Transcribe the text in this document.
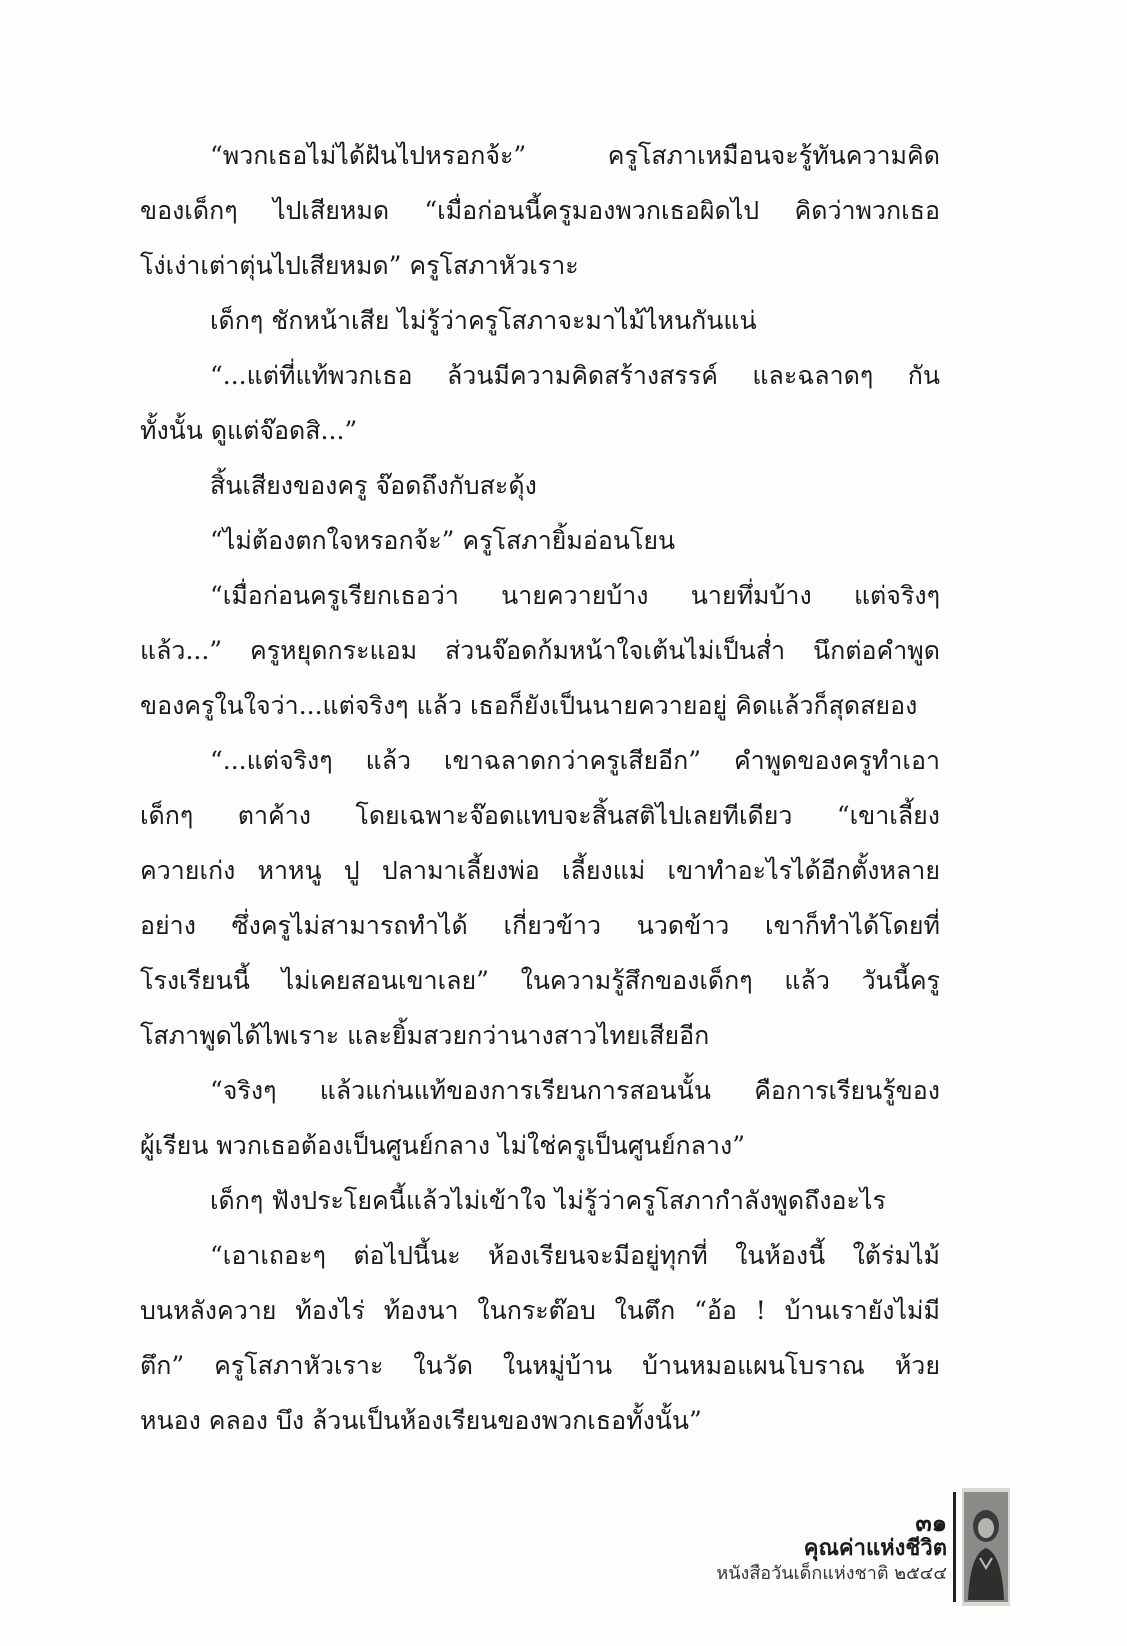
“พวกเธอไม่ได้ฝันไปหรอกจ้ะ” ครูโสภาเหมือนจะรู้ทันความคิด
ของเด็กๆ ไปเสียหมด “เมื่อก่อนนี้ครูมองพวกเธอผิดไป คิดว่าพวกเธอ
โง่เง่าเต่าตุ่นไปเสียหมด” ครูโสภาหัวเราะ
เด็กๆ ชักหน้าเสีย ไม่รู้ว่าครูโสภาจะมาไม้ไหนกันแน่
“...แต่ที่แท้พวกเธอ ล้วนมีความคิดสร้างสรรค์ และฉลาดๆ กัน
ทั้งนั้น ดูแต่จ๊อดสิ...”
สิ้นเสียงของครู จ๊อดถึงกับสะดุ้ง
“ไม่ต้องตกใจหรอกจ้ะ” ครูโสภายิ้มอ่อนโยน
“เมื่อก่อนครูเรียกเธอว่า นายควายบ้าง นายทึ่มบ้าง แต่จริงๆ
แล้ว...” ครูหยุดกระแอม ส่วนจ๊อดก้มหน้าใจเต้นไม่เป็นส่ำ นึกต่อคำพูด
ของครูในใจว่า...แต่จริงๆ แล้ว เธอก็ยังเป็นนายควายอยู่ คิดแล้วก็สุดสยอง
“...แต่จริงๆ แล้ว เขาฉลาดกว่าครูเสียอีก” คำพูดของครูทำเอา
เด็กๆ ตาค้าง โดยเฉพาะจ๊อดแทบจะสิ้นสติไปเลยทีเดียว “เขาเลี้ยง
ควายเก่ง หาหนู ปู ปลามาเลี้ยงพ่อ เลี้ยงแม่ เขาทำอะไรได้อีกตั้งหลาย
อย่าง ซึ่งครูไม่สามารถทำได้ เกี่ยวข้าว นวดข้าว เขาก็ทำได้โดยที่
โรงเรียนนี้ ไม่เคยสอนเขาเลย” ในความรู้สึกของเด็กๆ แล้ว วันนี้ครู
โสภาพูดได้ไพเราะ และยิ้มสวยกว่านางสาวไทยเสียอีก
“จริงๆ แล้วแก่นแท้ของการเรียนการสอนนั้น คือการเรียนรู้ของ
ผู้เรียน พวกเธอต้องเป็นศูนย์กลาง ไม่ใช่ครูเป็นศูนย์กลาง”
เด็กๆ ฟังประโยคนี้แล้วไม่เข้าใจ ไม่รู้ว่าครูโสภากำลังพูดถึงอะไร
“เอาเถอะๆ ต่อไปนี้นะ ห้องเรียนจะมีอยู่ทุกที่ ในห้องนี้ ใต้ร่มไม้
บนหลังควาย ท้องไร่ ท้องนา ในกระต๊อบ ในตึก “อ้อ ! บ้านเรายังไม่มี
ตึก” ครูโสภาหัวเราะ ในวัด ในหมู่บ้าน บ้านหมอแผนโบราณ ห้วย
หนอง คลอง บึง ล้วนเป็นห้องเรียนของพวกเธอทั้งนั้น”
๓๑
คุณค่าแห่งชีวิต
หนังสือวันเด็กแห่งชาติ ๒๕๔๔
